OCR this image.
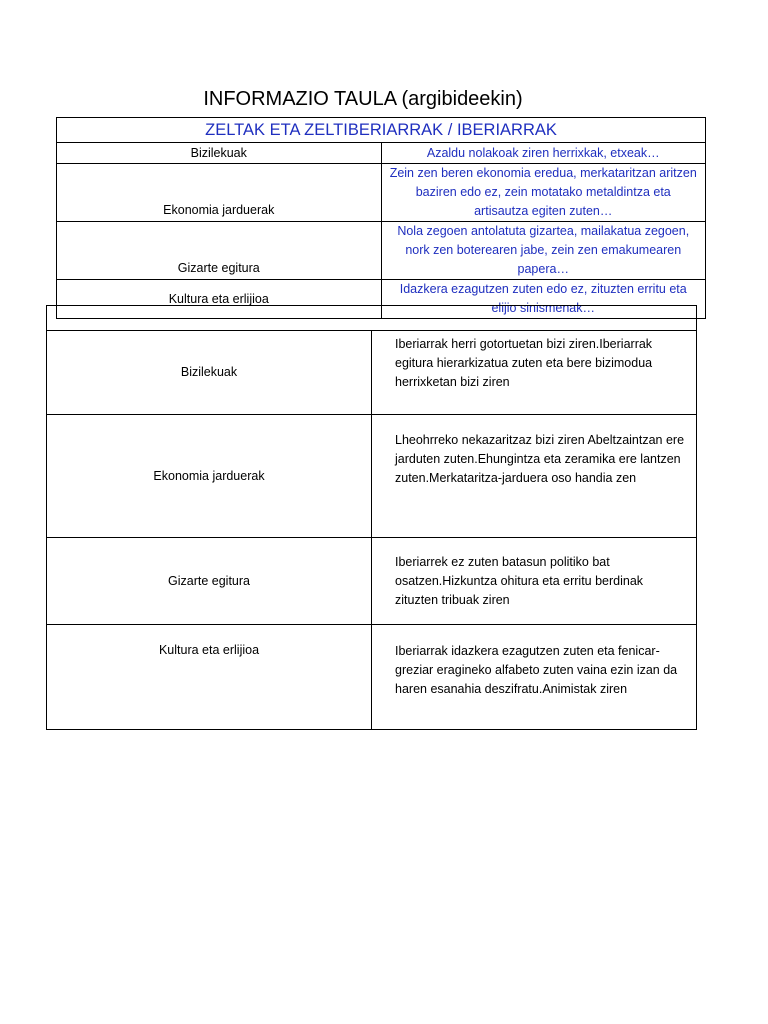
INFORMAZIO TAULA (argibideekin)
ZELTAK ETA ZELTIBERIARRAK / IBERIARRAK	
Bizilekuak	Azaldu nolakoak ziren herrixkak, etxeak…
Ekonomia jarduerak	Zein zen beren ekonomia eredua, merkataritzan aritzen baziren edo ez, zein motatako metaldintza eta artisautza egiten zuten…
Gizarte egitura	Nola zegoen antolatuta gizartea, mailakatua zegoen, nork zen boterearen jabe, zein zen emakumearen papera…
Kultura eta erlijioa	Idazkera ezagutzen zuten edo ez, zituzten erritu eta elijio sinismenak…

Bizilekuak	Iberiarrak herri gotortuetan bizi ziren.Iberiarrak egitura hierarkizatua zuten eta bere bizimodua herrixketan bizi ziren
Ekonomia jarduerak	Lheohrreko nekazaritzaz bizi ziren Abeltzaintzan ere jarduten zuten.Ehungintza eta zeramika ere lantzen zuten.Merkataritza-jarduera oso handia zen
Gizarte egitura	Iberiarrek ez zuten batasun politiko bat osatzen.Hizkuntza ohitura eta erritu berdinak zituzten tribuak ziren
Kultura eta erlijioa	Iberiarrak idazkera ezagutzen zuten eta fenicar-greziar eragineko alfabeto zuten vaina ezin izan da haren esanahia deszifratu.Animistak ziren
